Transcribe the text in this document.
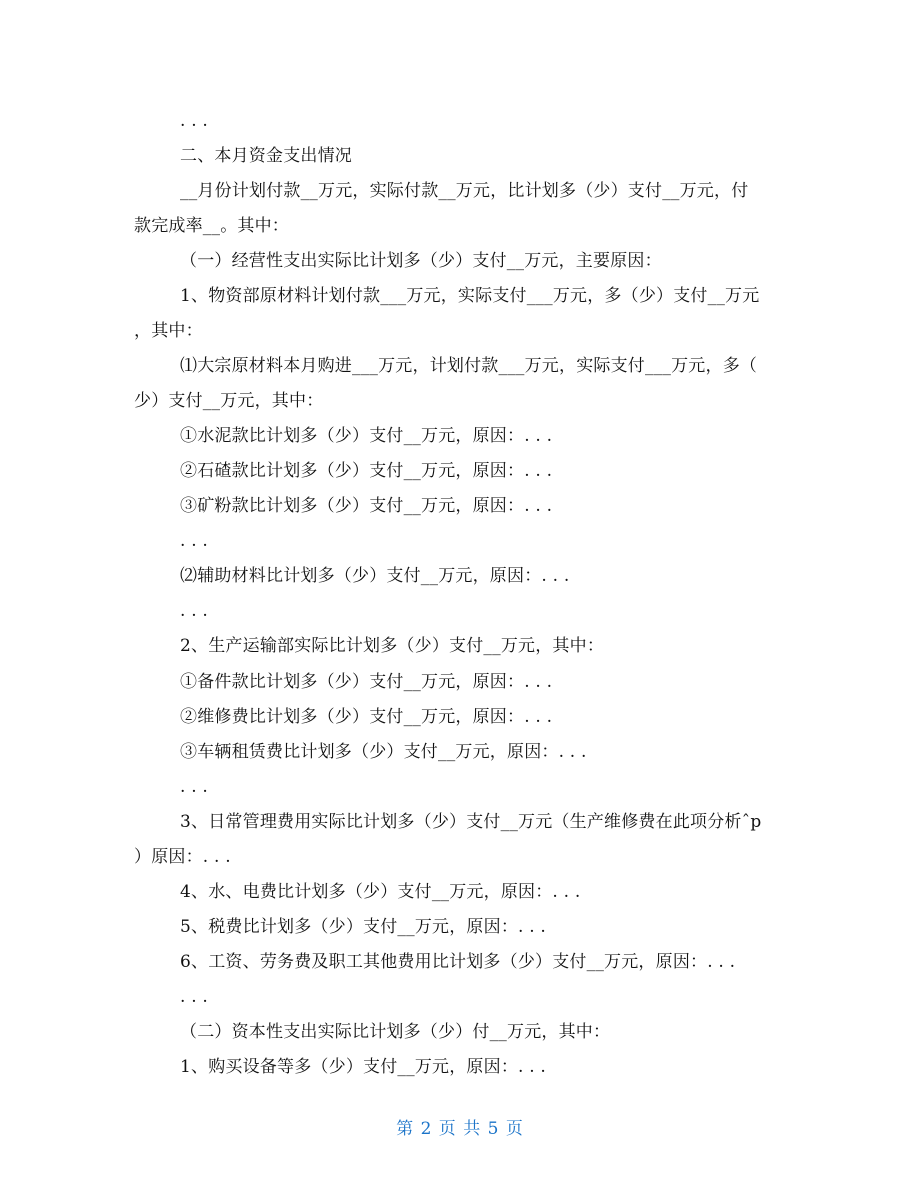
. . .
二、本月资金支出情况
__月份计划付款__万元，实际付款__万元，比计划多（少）支付__万元，付
款完成率__。其中：
（一）经营性支出实际比计划多（少）支付__万元，主要原因：
1、物资部原材料计划付款___万元，实际支付___万元，多（少）支付__万元
，其中：
⑴大宗原材料本月购进___万元，计划付款___万元，实际支付___万元，多（
少）支付__万元，其中：
①水泥款比计划多（少）支付__万元，原因：. . .
②石碴款比计划多（少）支付__万元，原因：. . .
③矿粉款比计划多（少）支付__万元，原因：. . .
. . .
⑵辅助材料比计划多（少）支付__万元，原因：. . .
. . .
2、生产运输部实际比计划多（少）支付__万元，其中：
①备件款比计划多（少）支付__万元，原因：. . .
②维修费比计划多（少）支付__万元，原因：. . .
③车辆租赁费比计划多（少）支付__万元，原因：. . .
. . .
3、日常管理费用实际比计划多（少）支付__万元（生产维修费在此项分析ˆp
）原因：. . .
4、水、电费比计划多（少）支付__万元，原因：. . .
5、税费比计划多（少）支付__万元，原因：. . .
6、工资、劳务费及职工其他费用比计划多（少）支付__万元，原因：. . .
. . .
（二）资本性支出实际比计划多（少）付__万元，其中：
1、购买设备等多（少）支付__万元，原因：. . .
第 2 页 共 5 页
